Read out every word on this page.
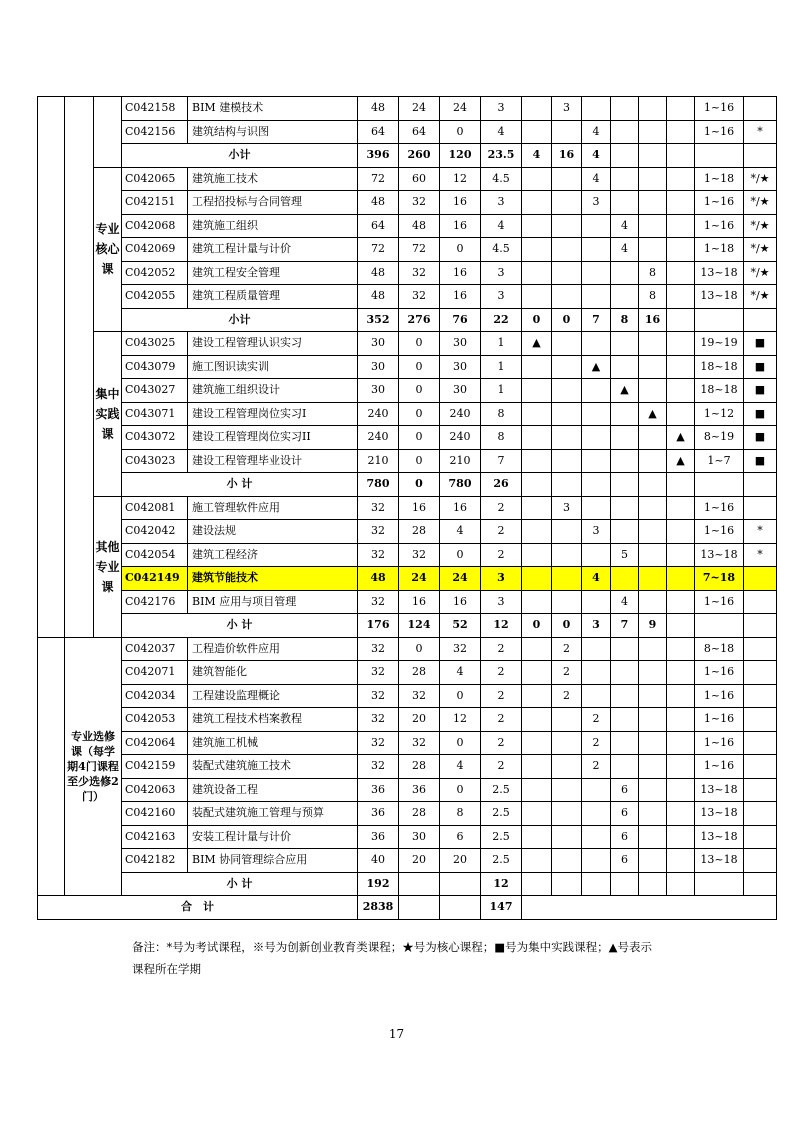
			C042158	BIM 建模技术	48	24	24	3		3					1~16	
			C042156	建筑结构与识图	64	64	0	4			4				1~16	*
			小计		396	260	120	23.5	4	16	4					
		专业核心课	C042065	建筑施工技术	72	60	12	4.5			4				1~18	*/★
			C042151	工程招投标与合同管理	48	32	16	3			3				1~16	*/★
			C042068	建筑施工组织	64	48	16	4				4			1~16	*/★
			C042069	建筑工程计量与计价	72	72	0	4.5				4			1~18	*/★
			C042052	建筑工程安全管理	48	32	16	3					8		13~18	*/★
			C042055	建筑工程质量管理	48	32	16	3					8		13~18	*/★
			小计		352	276	76	22	0	0	7	8	16			
		集中实践课	C043025	建设工程管理认识实习	30	0	30	1	▲						19~19	■
			C043079	施工图识读实训	30	0	30	1			▲				18~18	■
			C043027	建筑施工组织设计	30	0	30	1				▲			18~18	■
			C043071	建设工程管理岗位实习I	240	0	240	8					▲		1~12	■
			C043072	建设工程管理岗位实习II	240	0	240	8						▲	8~19	■
			C043023	建设工程管理毕业设计	210	0	210	7						▲	1~7	■
			小 计		780	0	780	26								
		其他专业课	C042081	施工管理软件应用	32	16	16	2		3					1~16	
			C042042	建设法规	32	28	4	2			3				1~16	*
			C042054	建筑工程经济	32	32	0	2				5			13~18	*
			C042149	建筑节能技术	48	24	24	3			4				7~18	
			C042176	BIM 应用与项目管理	32	16	16	3				4			1~16	
			小 计		176	124	52	12	0	0	3	7	9			
	专业选修课（每学期4门课程至少选修2门）		C042037	工程造价软件应用	32	0	32	2		2					8~18	
			C042071	建筑智能化	32	28	4	2		2					1~16	
			C042034	工程建设监理概论	32	32	0	2		2					1~16	
			C042053	建筑工程技术档案教程	32	20	12	2			2				1~16	
			C042064	建筑施工机械	32	32	0	2			2				1~16	
			C042159	装配式建筑施工技术	32	28	4	2			2				1~16	
			C042063	建筑设备工程	36	36	0	2.5				6			13~18	
			C042160	装配式建筑施工管理与预算	36	28	8	2.5				6			13~18	
			C042163	安装工程计量与计价	36	30	6	2.5				6			13~18	
			C042182	BIM 协同管理综合应用	40	20	20	2.5				6			13~18	
			小 计		192			12								
合　计					2838			147								
备注：*号为考试课程，※号为创新创业教育类课程；★号为核心课程；■号为集中实践课程；▲号表示
课程所在学期
17
